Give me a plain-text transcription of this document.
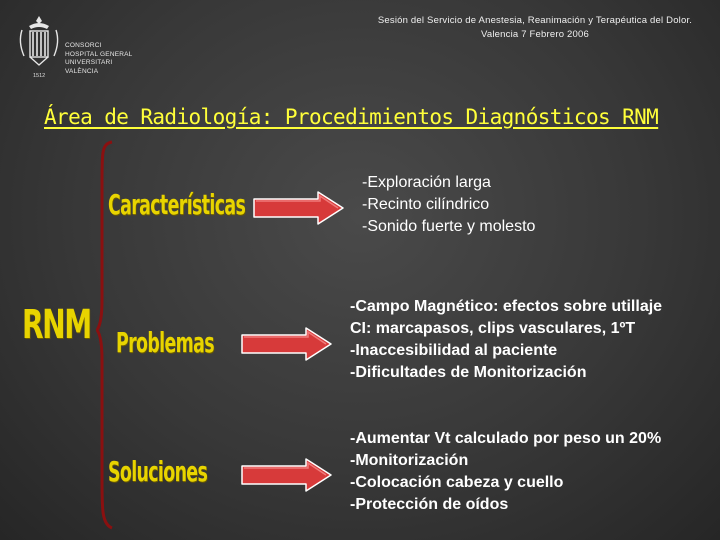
CONSORCI
HOSPITAL GENERAL
UNIVERSITARI
VALÈNCIA
1512
Sesión del Servicio de Anestesia, Reanimación y Terapéutica del Dolor.
Valencia 7 Febrero 2006
Área de Radiología: Procedimientos Diagnósticos RNM
RNM
Características
Problemas
Soluciones
-Exploración larga
-Recinto cilíndrico
-Sonido fuerte y molesto
-Campo Magnético: efectos sobre utillaje
CI: marcapasos, clips vasculares, 1ºT
-Inaccesibilidad al paciente
-Dificultades de Monitorización
-Aumentar Vt calculado por peso un 20%
-Monitorización
-Colocación cabeza y cuello
-Protección de oídos
